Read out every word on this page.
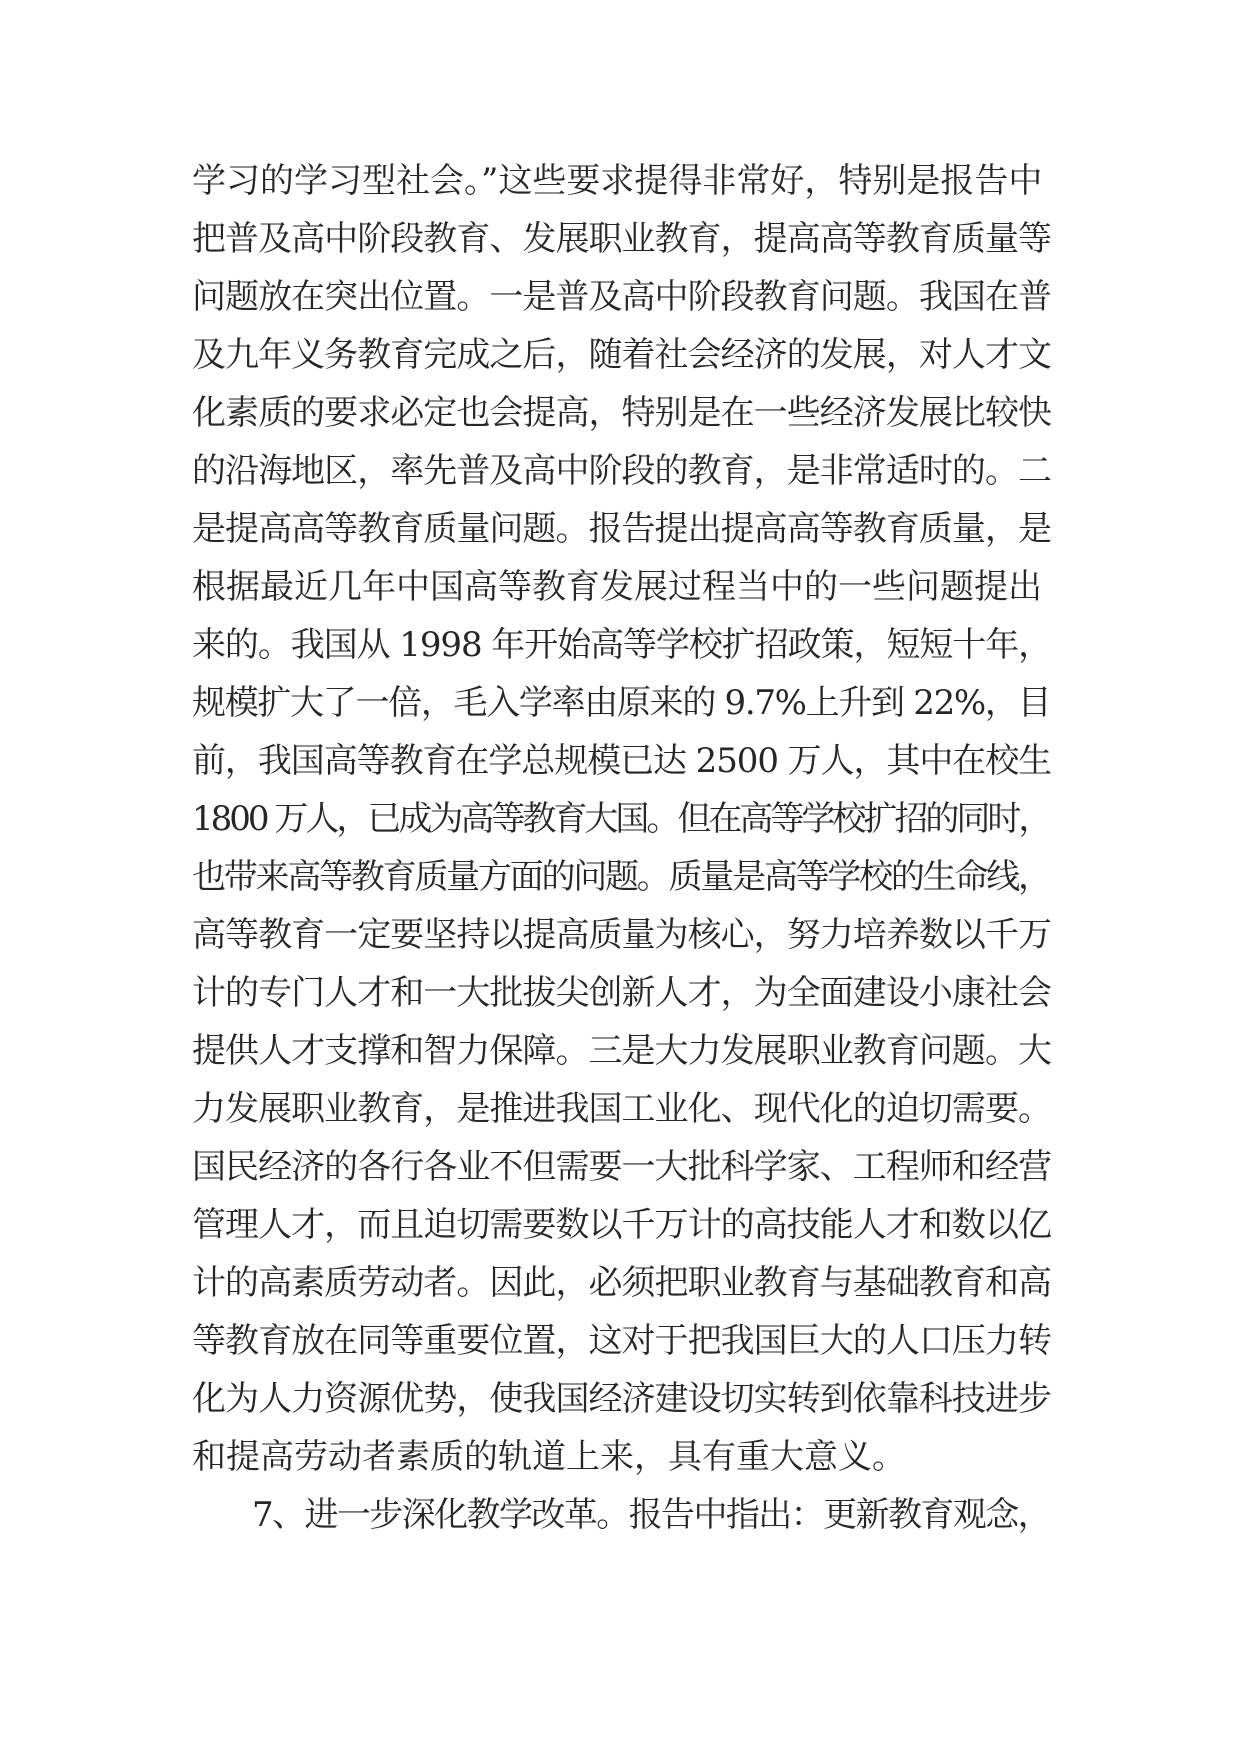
学习的学习型社会。”这些要求提得非常好，特别是报告中
把普及高中阶段教育、发展职业教育，提高高等教育质量等
问题放在突出位置。一是普及高中阶段教育问题。我国在普
及九年义务教育完成之后，随着社会经济的发展，对人才文
化素质的要求必定也会提高，特别是在一些经济发展比较快
的沿海地区，率先普及高中阶段的教育，是非常适时的。二
是提高高等教育质量问题。报告提出提高高等教育质量，是
根据最近几年中国高等教育发展过程当中的一些问题提出
来的。我国从 1998 年开始高等学校扩招政策，短短十年，
规模扩大了一倍，毛入学率由原来的 9.7%上升到 22%，目
前，我国高等教育在学总规模已达 2500 万人，其中在校生
1800 万人，已成为高等教育大国。但在高等学校扩招的同时，
也带来高等教育质量方面的问题。质量是高等学校的生命线，
高等教育一定要坚持以提高质量为核心，努力培养数以千万
计的专门人才和一大批拔尖创新人才，为全面建设小康社会
提供人才支撑和智力保障。三是大力发展职业教育问题。大
力发展职业教育，是推进我国工业化、现代化的迫切需要。
国民经济的各行各业不但需要一大批科学家、工程师和经营
管理人才，而且迫切需要数以千万计的高技能人才和数以亿
计的高素质劳动者。因此，必须把职业教育与基础教育和高
等教育放在同等重要位置，这对于把我国巨大的人口压力转
化为人力资源优势，使我国经济建设切实转到依靠科技进步
和提高劳动者素质的轨道上来，具有重大意义。
7、进一步深化教学改革。报告中指出：更新教育观念，
